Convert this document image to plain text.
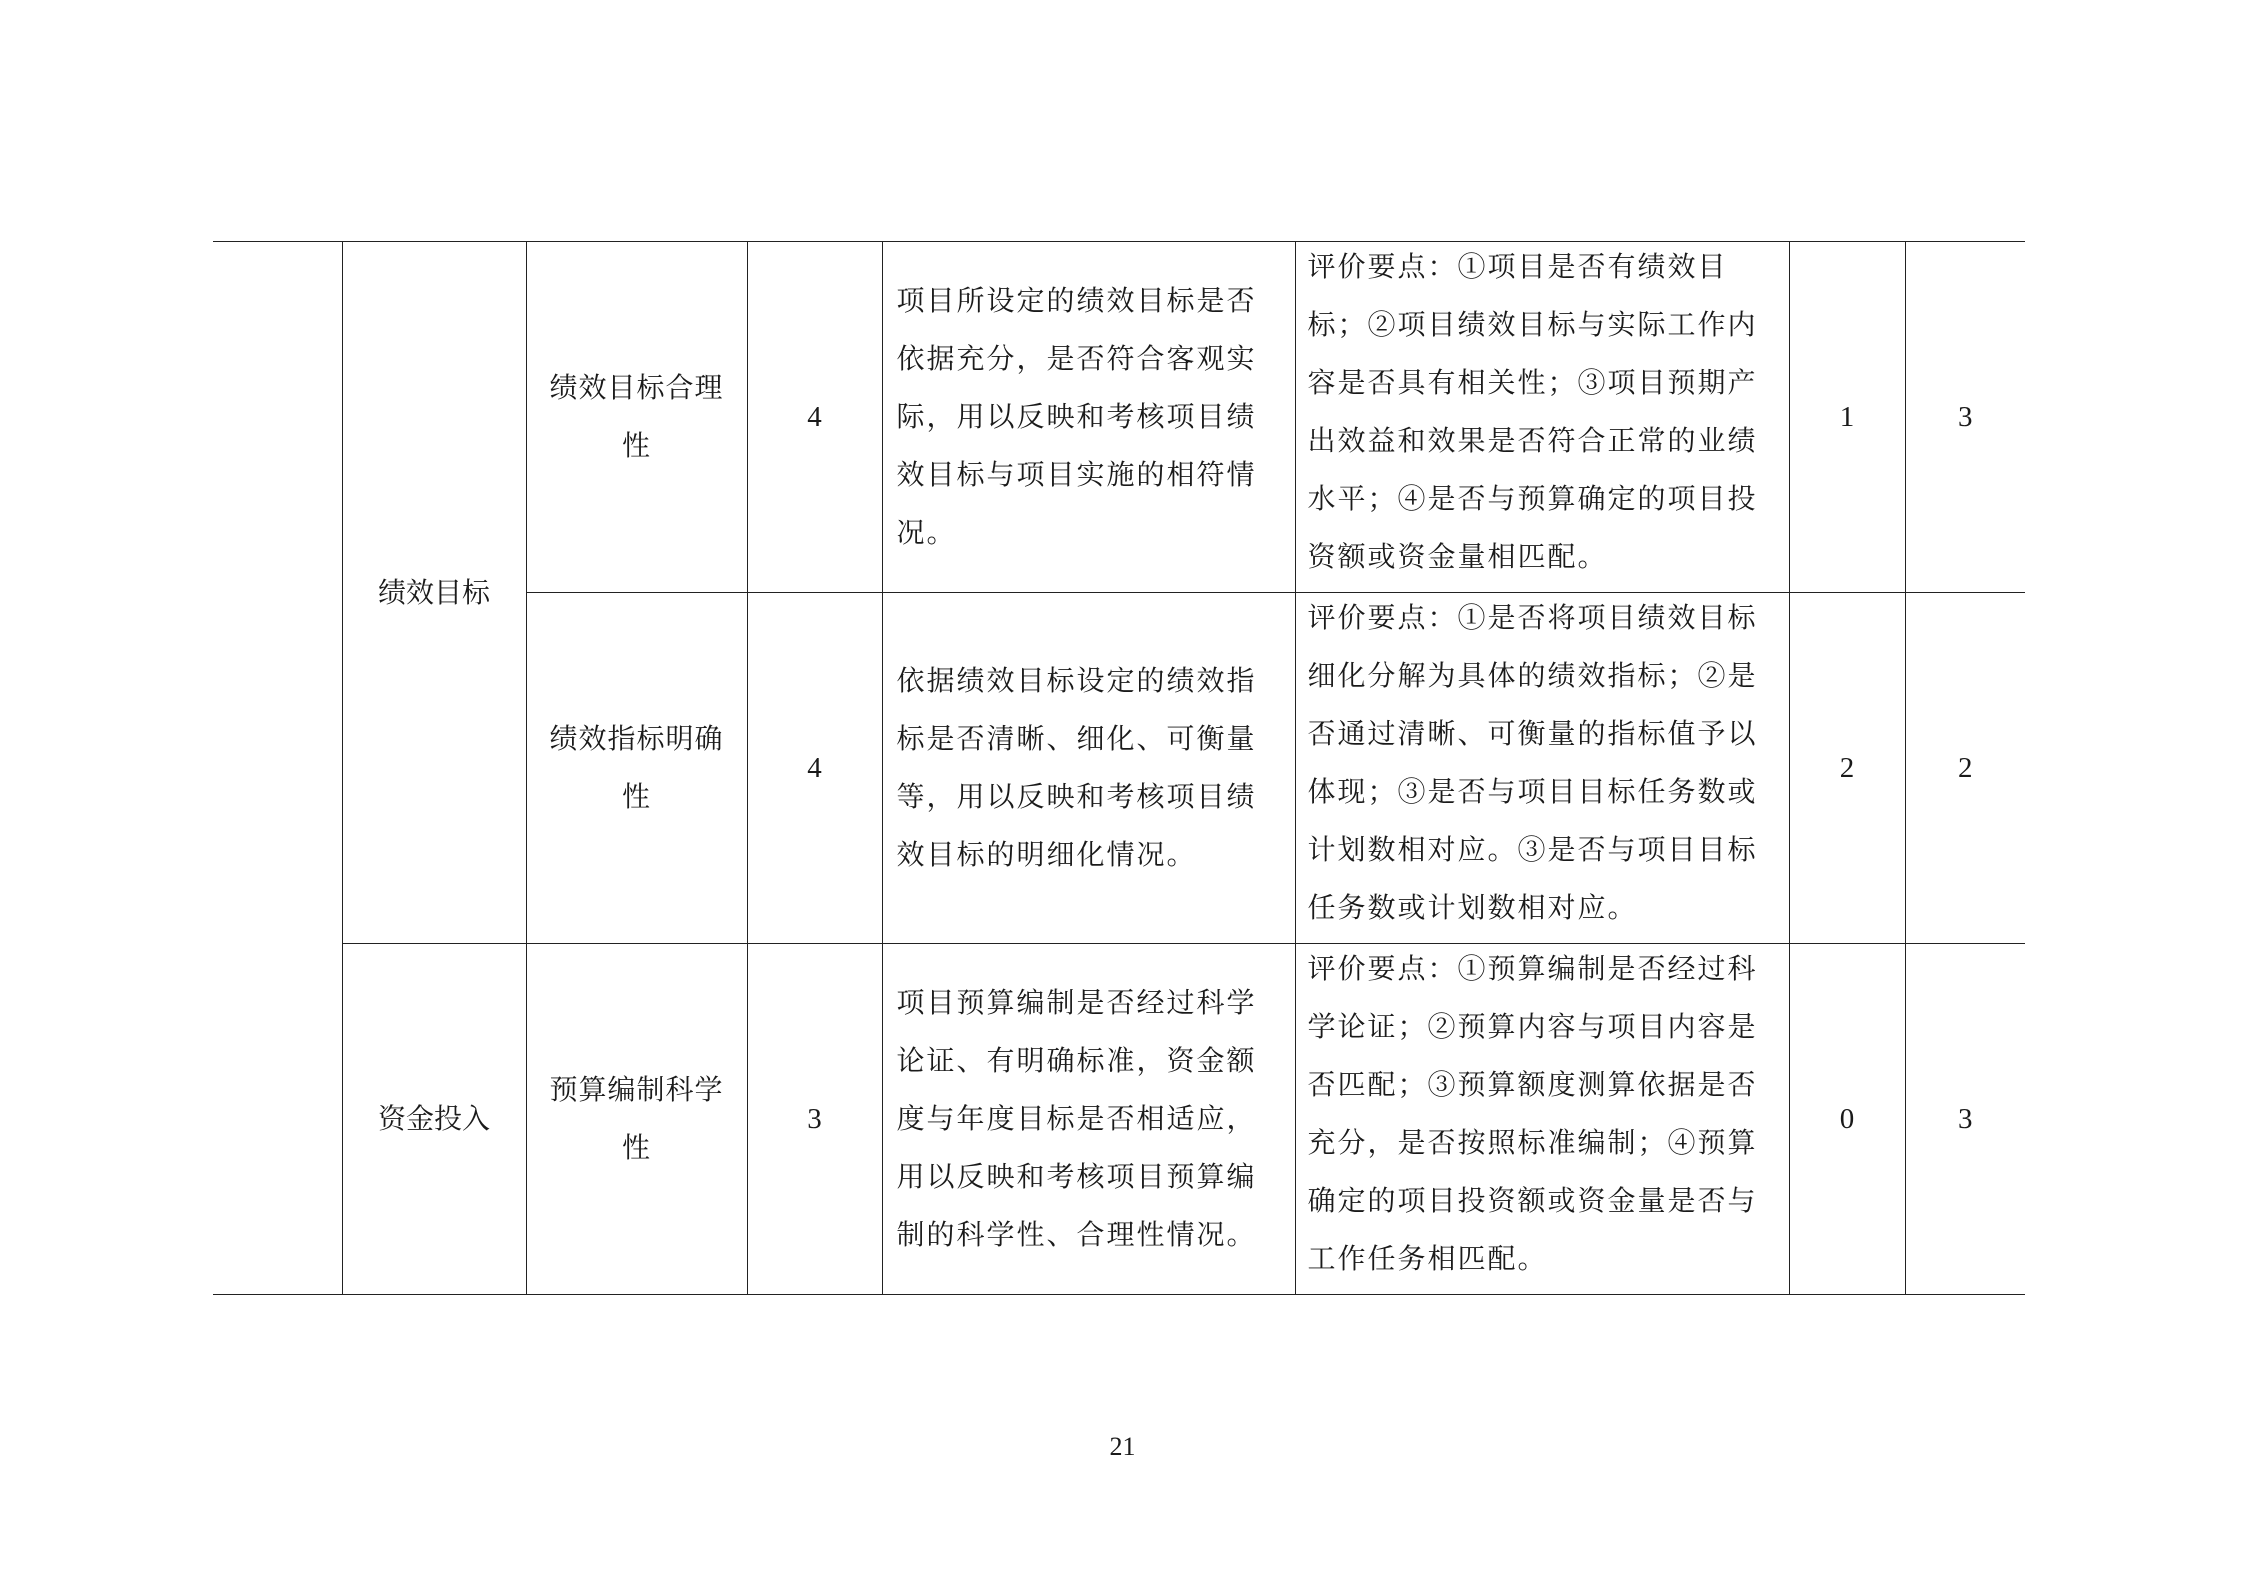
	绩效目标	绩效目标合理性	4	项目所设定的绩效目标是否依据充分，是否符合客观实际，用以反映和考核项目绩效目标与项目实施的相符情况。	评价要点：①项目是否有绩效目标；②项目绩效目标与实际工作内容是否具有相关性；③项目预期产出效益和效果是否符合正常的业绩水平；④是否与预算确定的项目投资额或资金量相匹配。	1	3
		绩效指标明确性	4	依据绩效目标设定的绩效指标是否清晰、细化、可衡量等，用以反映和考核项目绩效目标的明细化情况。	评价要点：①是否将项目绩效目标细化分解为具体的绩效指标；②是否通过清晰、可衡量的指标值予以体现；③是否与项目目标任务数或计划数相对应。③是否与项目目标任务数或计划数相对应。	2	2
	资金投入	预算编制科学性	3	项目预算编制是否经过科学论证、有明确标准，资金额度与年度目标是否相适应，用以反映和考核项目预算编制的科学性、合理性情况。	评价要点：①预算编制是否经过科学论证；②预算内容与项目内容是否匹配；③预算额度测算依据是否充分，是否按照标准编制；④预算确定的项目投资额或资金量是否与工作任务相匹配。	0	3
21
